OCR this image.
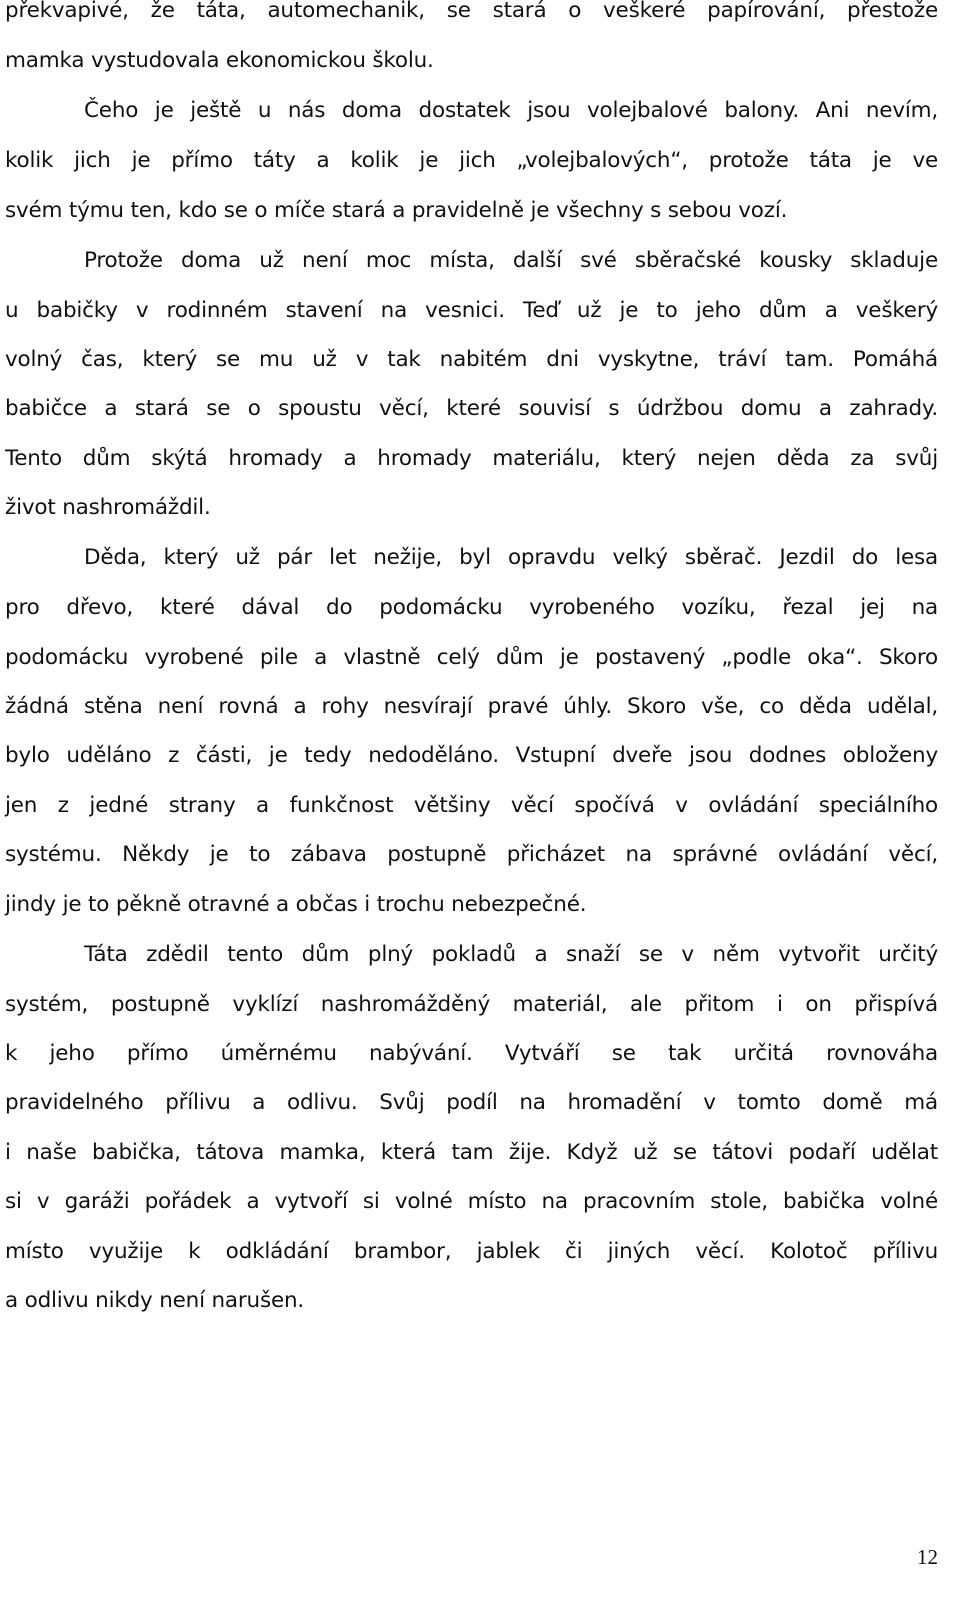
překvapivé, že táta, automechanik, se stará o veškeré papírování, přestože
mamka vystudovala ekonomickou školu.
Čeho je ještě u nás doma dostatek jsou volejbalové balony. Ani nevím,
kolik jich je přímo táty a kolik je jich „volejbalových“, protože táta je ve
svém týmu ten, kdo se o míče stará a pravidelně je všechny s sebou vozí.
Protože doma už není moc místa, další své sběračské kousky skladuje
u babičky v rodinném stavení na vesnici. Teď už je to jeho dům a veškerý
volný čas, který se mu už v tak nabitém dni vyskytne, tráví tam. Pomáhá
babičce a stará se o spoustu věcí, které souvisí s údržbou domu a zahrady.
Tento dům skýtá hromady a hromady materiálu, který nejen děda za svůj
život nashromáždil.
Děda, který už pár let nežije, byl opravdu velký sběrač. Jezdil do lesa
pro dřevo, které dával do podomácku vyrobeného vozíku, řezal jej na
podomácku vyrobené pile a vlastně celý dům je postavený „podle oka“. Skoro
žádná stěna není rovná a rohy nesvírají pravé úhly. Skoro vše, co děda udělal,
bylo uděláno z části, je tedy nedoděláno. Vstupní dveře jsou dodnes obloženy
jen z jedné strany a funkčnost většiny věcí spočívá v ovládání speciálního
systému. Někdy je to zábava postupně přicházet na správné ovládání věcí,
jindy je to pěkně otravné a občas i trochu nebezpečné.
Táta zdědil tento dům plný pokladů a snaží se v něm vytvořit určitý
systém, postupně vyklízí nashromážděný materiál, ale přitom i on přispívá
k jeho přímo úměrnému nabývání. Vytváří se tak určitá rovnováha
pravidelného přílivu a odlivu. Svůj podíl na hromadění v tomto domě má
i naše babička, tátova mamka, která tam žije. Když už se tátovi podaří udělat
si v garáži pořádek a vytvoří si volné místo na pracovním stole, babička volné
místo využije k odkládání brambor, jablek či jiných věcí. Kolotoč přílivu
a odlivu nikdy není narušen.
12
